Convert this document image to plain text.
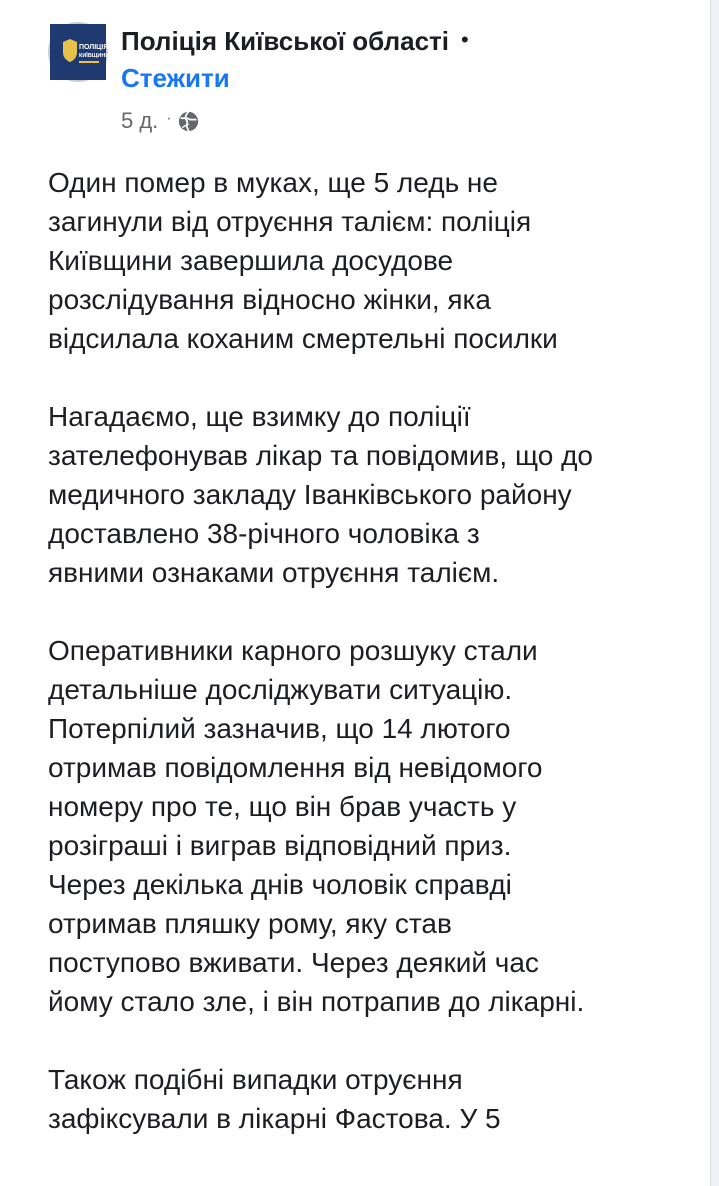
ПОЛІЦІЯ
КИЇВЩИНИ Поліція Київської області •
Стежити
5 д. ·

Один помер в муках, ще 5 ледь не
загинули від отруєння талієм: поліція
Київщини завершила досудове
розслідування відносно жінки, яка
відсилала коханим смертельні посилки

Нагадаємо, ще взимку до поліції
зателефонував лікар та повідомив, що до
медичного закладу Іванківського району
доставлено 38-річного чоловіка з
явними ознаками отруєння талієм.

Оперативники карного розшуку стали
детальніше досліджувати ситуацію.
Потерпілий зазначив, що 14 лютого
отримав повідомлення від невідомого
номеру про те, що він брав участь у
розіграші і виграв відповідний приз.
Через декілька днів чоловік справді
отримав пляшку рому, яку став
поступово вживати. Через деякий час
йому стало зле, і він потрапив до лікарні.

Також подібні випадки отруєння
зафіксували в лікарні Фастова. У 5
